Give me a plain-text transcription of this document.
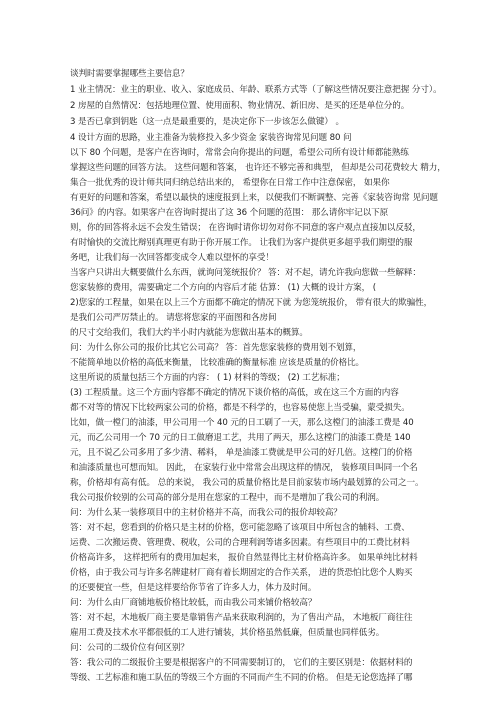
谈判时需要掌握哪些主要信息？
1 业主情况：业主的职业、收入、家庭成员、年龄、联系方式等（了解这些情况要注意把握 分寸）。
2 房屋的自然情况：包括地理位置、使用面积、物业情况、新旧房、是买的还是单位分的。
3 是否已拿到钥匙（这一点是最重要的，是决定你下一步该怎么做键） 。
4 设计方面的思路，业主准备为装修投入多少资金 家装咨询常见问题 80 问
以下 80 个问题，是客户在咨询时，常常会向你提出的问题，希望公司所有设计师都能熟练
掌握这些问题的回答方法。 这些问题和答案， 也许还不够完善和典型， 但却是公司花费较大 精力，
集合一批优秀的设计师共同归纳总结出来的， 希望你在日常工作中注意保密， 如果你
有更好的问题和答案，希望以最快的速度报到上来，以便我们不断调整、完善《家装咨询常 见问题
36问》的内容。如果客户在咨询时提出了这 36 个问题的范围： 那么请你牢记以下原
则，你的回答将永远不会发生错误； 在咨询时请你切勿对你不同意的客户观点直接加以反驳，
有时愉快的交流比辩别真理更有助于你开展工作。 让我们为客户提供更多超乎我们期望的服
务吧，让我们每一次回答都变成令人难以望怀的享受！
当客户只讲出大概要做什么东西，就询问笼统报价？ 答：对不起，请允许我向您做一些解释：
您家装修的费用，需要确定二个方向的内容后才能 估算： (1) 大概的设计方案， (
2)您家的工程量，如果在以上三个方面都不确定的情况下就 为您笼统报价， 带有很大的欺骗性，
是我们公司严厉禁止的。 请您将您家的平面图和各房间
的尺寸交给我们，我们大约半小时内就能为您做出基本的概算。
问：为什么你公司的报价比其它公司高？ 答：首先您家装修的费用划不划算，
不能简单地以价格的高低来衡量， 比较准确的衡量标准 应该是质量的价格比。
这里所说的质量包括三个方面的内容： ( 1) 材料的等级； (2) 工艺标准；
(3) 工程质量。这三个方面内容都不确定的情况下谈价格的高低，或在这三个方面的内容
都不对等的情况下比较两家公司的价格，都是不科学的，也容易使您上当受骗，蒙受损失。
比如，做一樘门的油漆，甲公司用一个 40 元的日工刷了一天，那么这樘门的油漆工费是 40
元，而乙公司用一个 70 元的日工做磨退工艺，共用了两天，那么这樘门的油漆工费是 140
元，且不说乙公司多用了多少清、稀料， 单是油漆工费就是甲公司的好几倍。这樘门的价格
和油漆质量也可想而知。 因此， 在家装行业中常常会出现这样的情况， 装修项目叫同一个名
称，价格却有高有低。 总的来说， 我公司的质量价格比是目前家装市场内最划算的公司之一。
我公司报价较别的公司高的部分是用在您家的工程中，而不是增加了我公司的利润。
问：为什么某一装修项目中的主材价格并不高，而我公司的报价却较高？
答：对不起，您看到的价格只是主材的价格，您可能忽略了该项目中所包含的辅料、工费、
运费、二次搬运费、管理费、税收，公司的合理利润等诸多因素。有些项目中的工费比材料
价格高许多， 这样把所有的费用加起来， 报价自然显得比主材价格高许多。 如果单纯比材料
价格，由于我公司与许多名牌建材厂商有着长期固定的合作关系， 进的货恐怕比您个人购买
的还要便宜一些，但是这样要给你节省了许多人力，体力及时间。
问：为什么由厂商铺地板价格比较低，而由我公司来铺价格较高？
答：对不起，木地板厂商主要是靠销售产品来获取利润的，为了售出产品， 木地板厂商往往
雇用工费及技术水平都很低的工人进行铺装，其价格虽然低廉，但质量也同样低劣。
问：公司的二级价位有何区别？
答：我公司的二级报价主要是根据客户的不同需要制订的， 它们的主要区别是：依据材料的
等级、工艺标准和施工队伍的等级三个方面的不同而产生不同的价格。 但是无论您选择了哪
